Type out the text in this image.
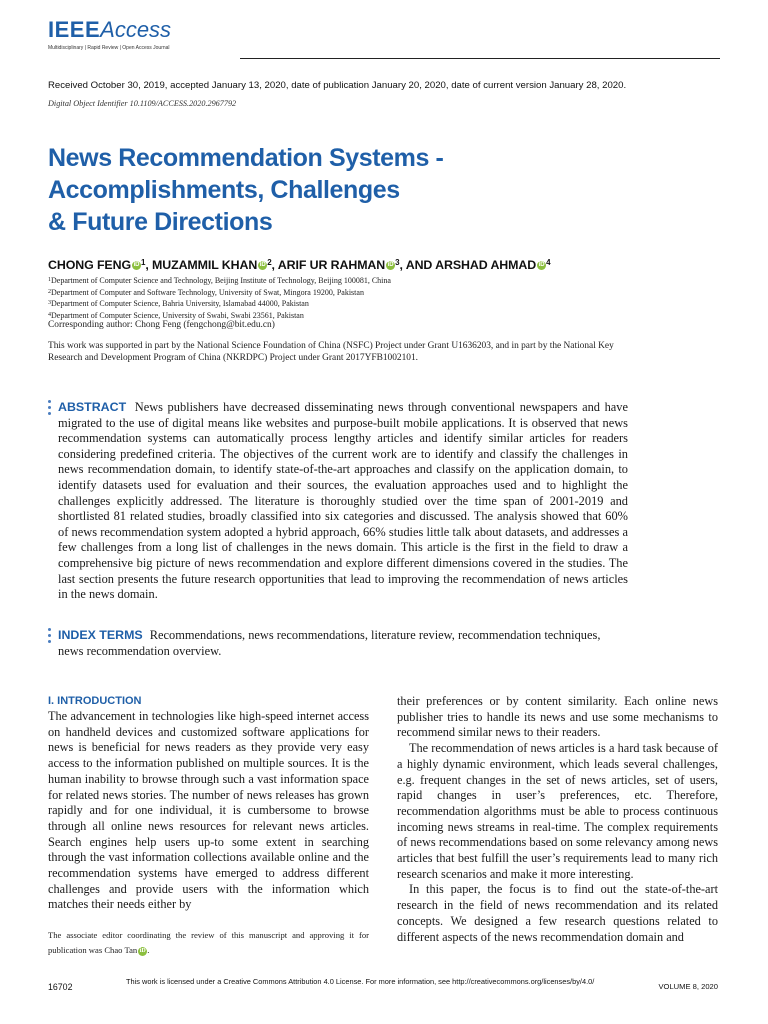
IEEEAccess
Multidisciplinary | Rapid Review | Open Access Journal
Received October 30, 2019, accepted January 13, 2020, date of publication January 20, 2020, date of current version January 28, 2020.
Digital Object Identifier 10.1109/ACCESS.2020.2967792
News Recommendation Systems -
Accomplishments, Challenges
& Future Directions
CHONG FENG iD $^1$, MUZAMMIL KHAN iD $^2$, ARIF UR RAHMAN iD $^3$, AND ARSHAD AHMAD iD $^4$
$^1$Department of Computer Science and Technology, Beijing Institute of Technology, Beijing 100081, China
$^2$Department of Computer and Software Technology, University of Swat, Mingora 19200, Pakistan
$^3$Department of Computer Science, Bahria University, Islamabad 44000, Pakistan
$^4$Department of Computer Science, University of Swabi, Swabi 23561, Pakistan
Corresponding author: Chong Feng (fengchong@bit.edu.cn)
This work was supported in part by the National Science Foundation of China (NSFC) Project under Grant U1636203, and in part by the National Key Research and Development Program of China (NKRDPC) Project under Grant 2017YFB1002101.
ABSTRACT News publishers have decreased disseminating news through conventional newspapers and have migrated to the use of digital means like websites and purpose-built mobile applications. It is observed that news recommendation systems can automatically process lengthy articles and identify similar articles for readers considering predefined criteria. The objectives of the current work are to identify and classify the challenges in news recommendation domain, to identify state-of-the-art approaches and classify on the application domain, to identify datasets used for evaluation and their sources, the evaluation approaches used and to highlight the challenges explicitly addressed. The literature is thoroughly studied over the time span of 2001-2019 and shortlisted 81 related studies, broadly classified into six categories and discussed. The analysis showed that 60% of news recommendation system adopted a hybrid approach, 66% studies little talk about datasets, and addresses a few challenges from a long list of challenges in the news domain. This article is the first in the field to draw a comprehensive big picture of news recommendation and explore different dimensions covered in the studies. The last section presents the future research opportunities that lead to improving the recommendation of news articles in the news domain.
INDEX TERMS Recommendations, news recommendations, literature review, recommendation techniques, news recommendation overview.
I. INTRODUCTION

The advancement in technologies like high-speed internet access on handheld devices and customized software applications for news is beneficial for news readers as they provide very easy access to the information published on multiple sources. It is the human inability to browse through such a vast information space for related news stories. The number of news releases has grown rapidly and for one individual, it is cumbersome to browse through all online news resources for relevant news articles. Search engines help users up-to some extent in searching through the vast information collections available online and the recommendation systems have emerged to address different challenges and provide users with the information which matches their needs either by

their preferences or by content similarity. Each online news publisher tries to handle its news and use some mechanisms to recommend similar news to their readers.

The recommendation of news articles is a hard task because of a highly dynamic environment, which leads several challenges, e.g. frequent changes in the set of news articles, set of users, rapid changes in user’s preferences, etc. Therefore, recommendation algorithms must be able to process continuous incoming news streams in real-time. The complex requirements of news recommendations based on some relevancy among news articles that best fulfill the user’s requirements lead to many rich research scenarios and make it more interesting.

In this paper, the focus is to find out the state-of-the-art research in the field of news recommendation and its related concepts. We designed a few research questions related to different aspects of the news recommendation domain and

The associate editor coordinating the review of this manuscript and approving it for publication was Chao Tan iD .
16702
This work is licensed under a Creative Commons Attribution 4.0 License. For more information, see http://creativecommons.org/licenses/by/4.0/
VOLUME 8, 2020
